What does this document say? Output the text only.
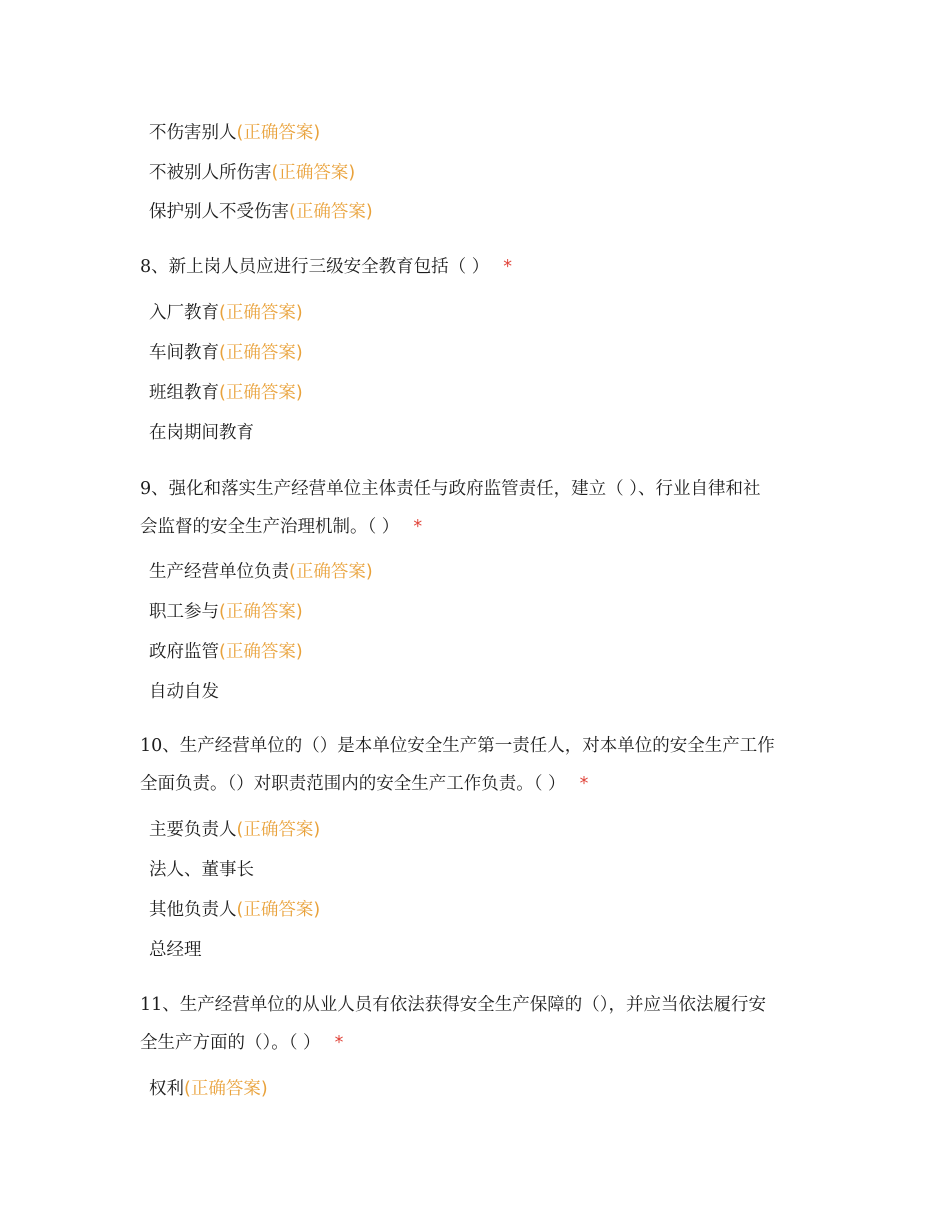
不伤害别人(正确答案)
不被别人所伤害(正确答案)
保护别人不受伤害(正确答案)
8、新上岗人员应进行三级安全教育包括（ ） *
入厂教育(正确答案)
车间教育(正确答案)
班组教育(正确答案)
在岗期间教育
9、强化和落实生产经营单位主体责任与政府监管责任，建立（ ）、行业自律和社
会监督的安全生产治理机制。（ ） *
生产经营单位负责(正确答案)
职工参与(正确答案)
政府监管(正确答案)
自动自发
10、生产经营单位的（）是本单位安全生产第一责任人，对本单位的安全生产工作
全面负责。（）对职责范围内的安全生产工作负责。（ ） *
主要负责人(正确答案)
法人、董事长
其他负责人(正确答案)
总经理
11、生产经营单位的从业人员有依法获得安全生产保障的（），并应当依法履行安
全生产方面的（）。（ ） *
权利(正确答案)
